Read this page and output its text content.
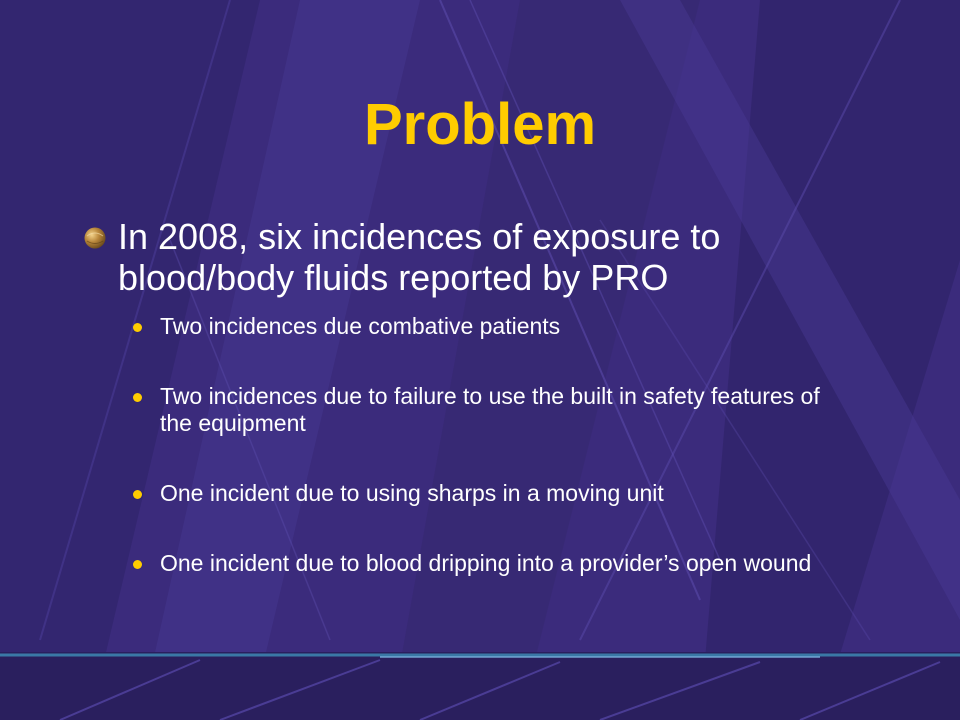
Problem
In 2008, six incidences of exposure to blood/body fluids reported by PRO
Two incidences due combative patients
Two incidences due to failure to use the built in safety features of the equipment
One incident due to using sharps in a moving unit
One incident due to blood dripping into a provider’s open wound
